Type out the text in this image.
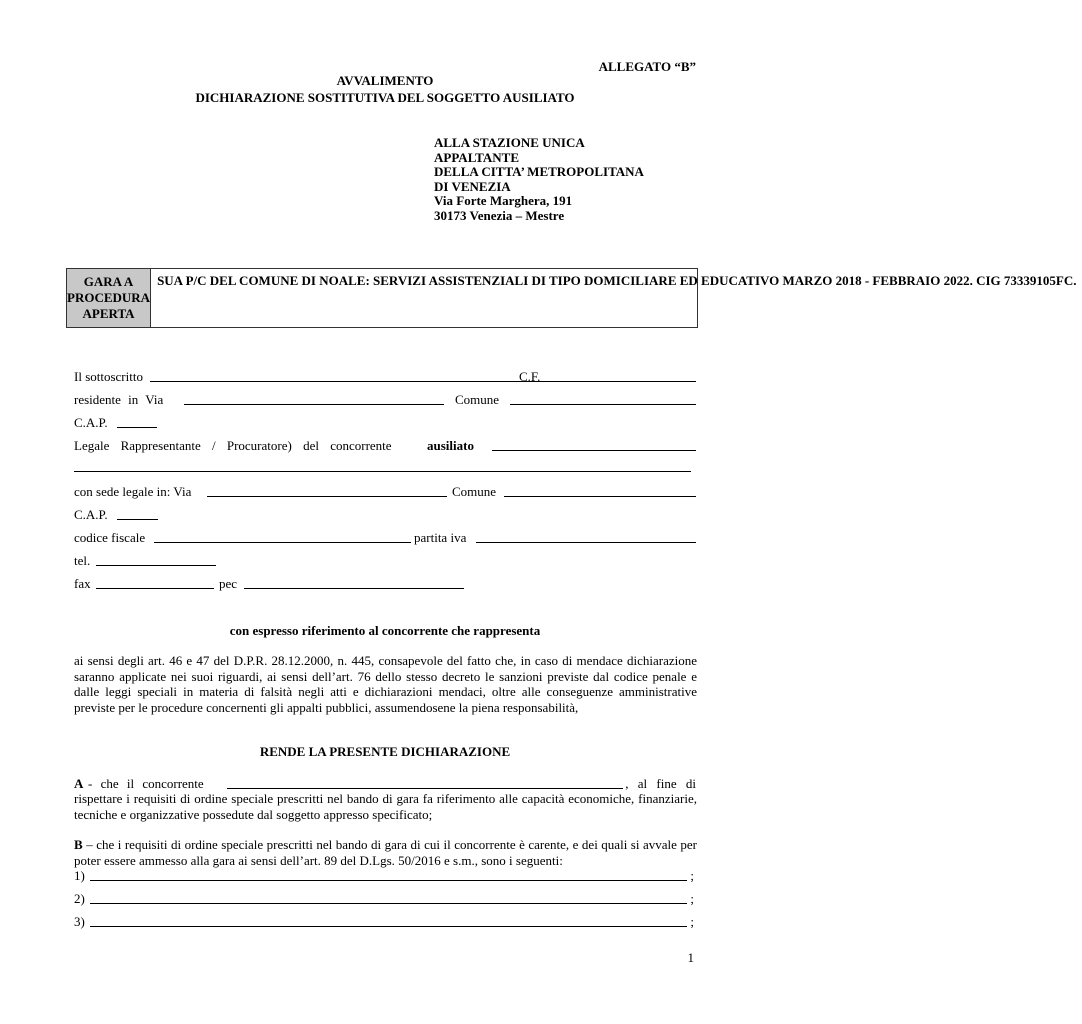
ALLEGATO “B”
AVVALIMENTO
DICHIARAZIONE SOSTITUTIVA DEL SOGGETTO AUSILIATO
ALLA STAZIONE UNICA
APPALTANTE
DELLA CITTA’ METROPOLITANA
DI VENEZIA
Via Forte Marghera, 191
30173 Venezia – Mestre
GARA A
PROCEDURA
APERTA
SUA P/C DEL COMUNE DI NOALE: SERVIZI ASSISTENZIALI DI TIPO DOMICILIARE ED EDUCATIVO MARZO 2018 - FEBBRAIO 2022. CIG 73339105FC.
Il sottoscritto	C.F.
residente in Via	Comune
C.A.P.
Legale Rappresentante / Procuratore) del concorrente	ausiliato
con sede legale in: Via	Comune
C.A.P.
codice fiscale	partita iva
tel.
fax	pec
con espresso riferimento al concorrente che rappresenta
ai sensi degli art. 46 e 47 del D.P.R. 28.12.2000, n. 445, consapevole del fatto che, in caso di mendace dichiarazione saranno applicate nei suoi riguardi, ai sensi dell’art. 76 dello stesso decreto le sanzioni previste dal codice penale e dalle leggi speciali in materia di falsità negli atti e dichiarazioni mendaci, oltre alle conseguenze amministrative previste per le procedure concernenti gli appalti pubblici, assumendosene la piena responsabilità,
RENDE LA PRESENTE DICHIARAZIONE
A - che il concorrente	, al fine di
rispettare i requisiti di ordine speciale prescritti nel bando di gara fa riferimento alle capacità economiche, finanziarie, tecniche e organizzative possedute dal soggetto appresso specificato;
B – che i requisiti di ordine speciale prescritti nel bando di gara di cui il concorrente è carente, e dei quali si avvale per poter essere ammesso alla gara ai sensi dell’art. 89 del D.Lgs. 50/2016 e s.m., sono i seguenti:
1)	;
2)	;
3)	;
1
